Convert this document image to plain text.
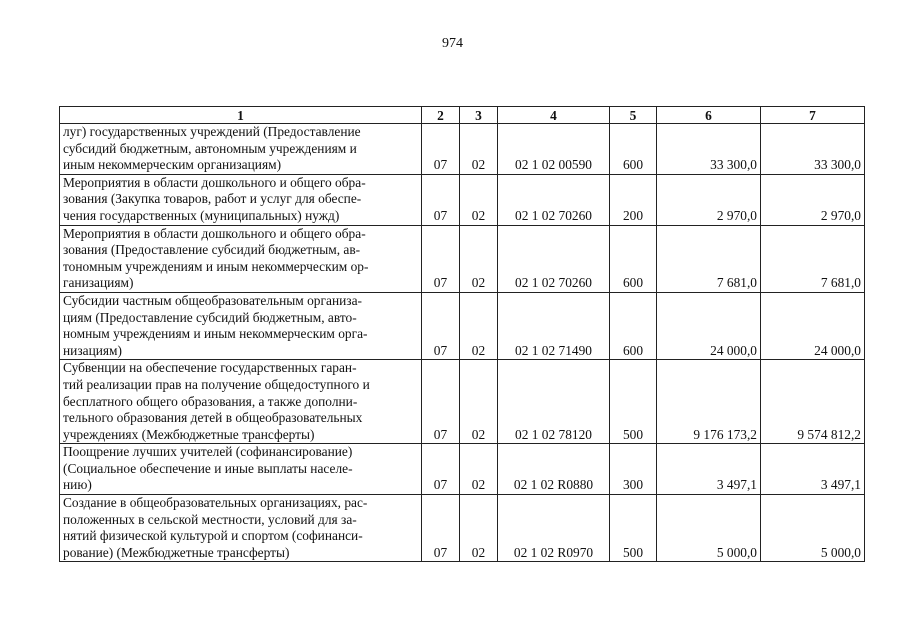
974
1	2	3	4	5	6	7

луг) государственных учреждений (Предоставление
субсидий бюджетным, автономным учреждениям и
иным некоммерческим организациям)	07	02	02 1 02 00590	600	33 300,0	33 300,0

Мероприятия в области дошкольного и общего обра-
зования (Закупка товаров, работ и услуг для обеспе-
чения государственных (муниципальных) нужд)	07	02	02 1 02 70260	200	2 970,0	2 970,0

Мероприятия в области дошкольного и общего обра-
зования (Предоставление субсидий бюджетным, ав-
тономным учреждениям и иным некоммерческим ор-
ганизациям)	07	02	02 1 02 70260	600	7 681,0	7 681,0

Субсидии частным общеобразовательным организа-
циям (Предоставление субсидий бюджетным, авто-
номным учреждениям и иным некоммерческим орга-
низациям)	07	02	02 1 02 71490	600	24 000,0	24 000,0

Субвенции на обеспечение государственных гаран-
тий реализации прав на получение общедоступного и
бесплатного общего образования, а также дополни-
тельного образования детей в общеобразовательных
учреждениях (Межбюджетные трансферты)	07	02	02 1 02 78120	500	9 176 173,2	9 574 812,2

Поощрение лучших учителей (софинансирование)
(Социальное обеспечение и иные выплаты населе-
нию)	07	02	02 1 02 R0880	300	3 497,1	3 497,1

Создание в общеобразовательных организациях, рас-
положенных в сельской местности, условий для за-
нятий физической культурой и спортом (софинанси-
рование) (Межбюджетные трансферты)	07	02	02 1 02 R0970	500	5 000,0	5 000,0
